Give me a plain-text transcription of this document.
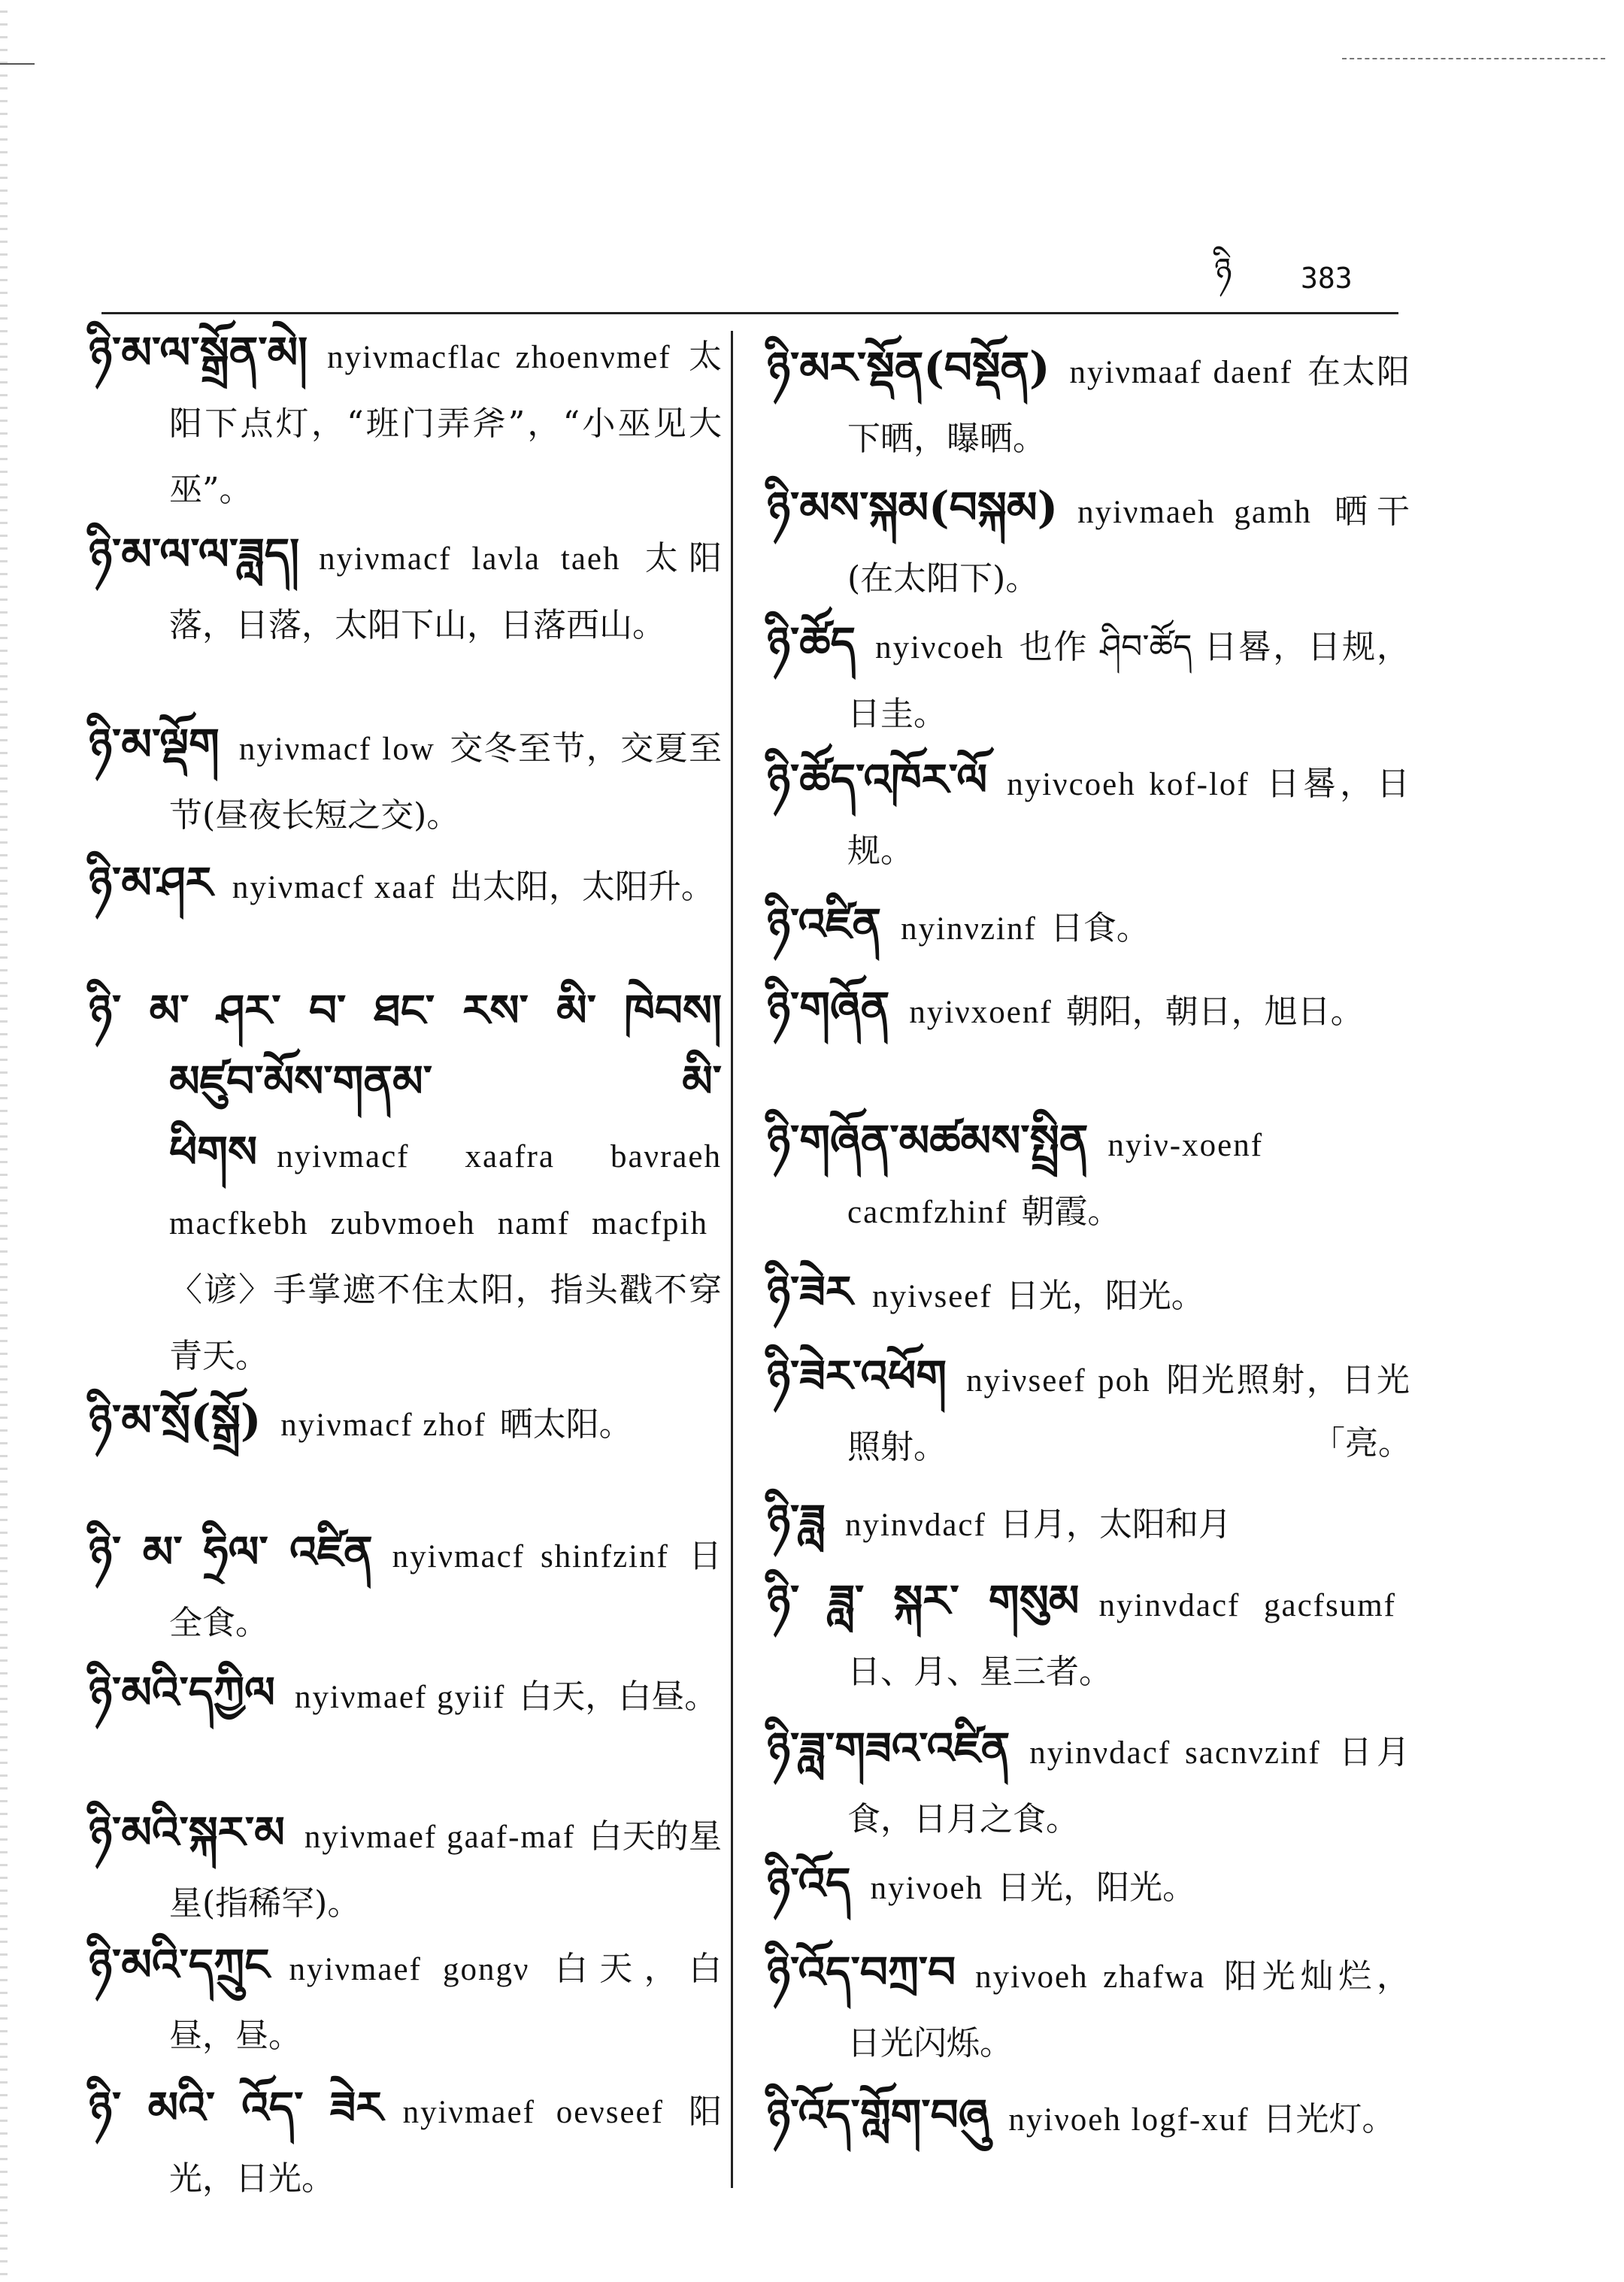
ཉི 383

ཉི་མ་ལ་སྒྲོན་མེ། nyiνmacflac zhoenνmef 太阳下点灯，“班门弄斧”，“小巫见大巫”。

ཉི་མ་ལ་ལ་ཟླད། nyiνmacf laνla taeh 太阳落，日落，太阳下山，日落西山。

ཉི་མ་ལྡོག nyiνmacf low 交冬至节，交夏至节(昼夜长短之交)。

ཉི་མ་ཤར nyiνmacf xaaf 出太阳，太阳升。

ཉི་ མ་ ཤར་ བ་ ཐང་ རས་ མི་ ཁེབས། མཛུབ་མོས་གནམ་ མི་ ཕིགས nyiνmacf xaafra baνraeh macfkebh zubνmoeh namf macfpih〈谚〉手掌遮不住太阳，指头戳不穿青天。

ཉི་མ་སྲོ(སྒྲོ) nyiνmacf zhof 晒太阳。

ཉི་ མ་ ཧྲིལ་ འཛིན nyiνmacf shinfzinf 日全食。

ཉི་མའི་དཀྱིལ nyiνmaef gyiif 白天，白昼。

ཉི་མའི་སྐར་མ nyiνmaef gaaf-maf 白天的星星(指稀罕)。

ཉི་མའི་དཀྲུང nyiνmaef gongν 白天，白昼，昼。

ཉི་ མའི་ འོད་ ཟེར nyiνmaef oeνseef 阳光，日光。

ཉི་མར་སྡོན(བསྡོན) nyiνmaaf daenf 在太阳下晒，曝晒。

ཉི་མས་སྐམ(བསྐམ) nyiνmaeh gamh 晒干(在太阳下)。

ཉི་ཚོད nyiνcoeh 也作 ཤིབ་ཚོད 日晷，日规，日圭。

ཉི་ཚོད་འཁོར་ལོ nyiνcoeh kof-lof 日晷，日规。

ཉི་འཛིན nyinνzinf 日食。

ཉི་གཞོན nyiνxoenf 朝阳，朝日，旭日。

ཉི་གཞོན་མཚམས་སྤྲིན nyiν-xoenf cacmfzhinf 朝霞。

ཉི་ཟེར nyiνseef 日光，阳光。

ཉི་ཟེར་འཕོག nyiνseef poh 阳光照射，日光照射。	「亮。

ཉི་ཟླ nyinνdacf 日月，太阳和月

ཉི་ ཟླ་ སྐར་ གསུམ nyinνdacf gacfsumf日、月、星三者。

ཉི་ཟླ་གཟའ་འཛིན nyinνdacf sacnνzinf 日月食，日月之食。

ཉི་འོད nyiνoeh 日光，阳光。

ཉི་འོད་བཀྲ་བ nyiνoeh zhafwa 阳光灿烂，日光闪烁。

ཉི་འོད་གློག་བཞུ nyiνoeh logf-xuf 日光灯。
